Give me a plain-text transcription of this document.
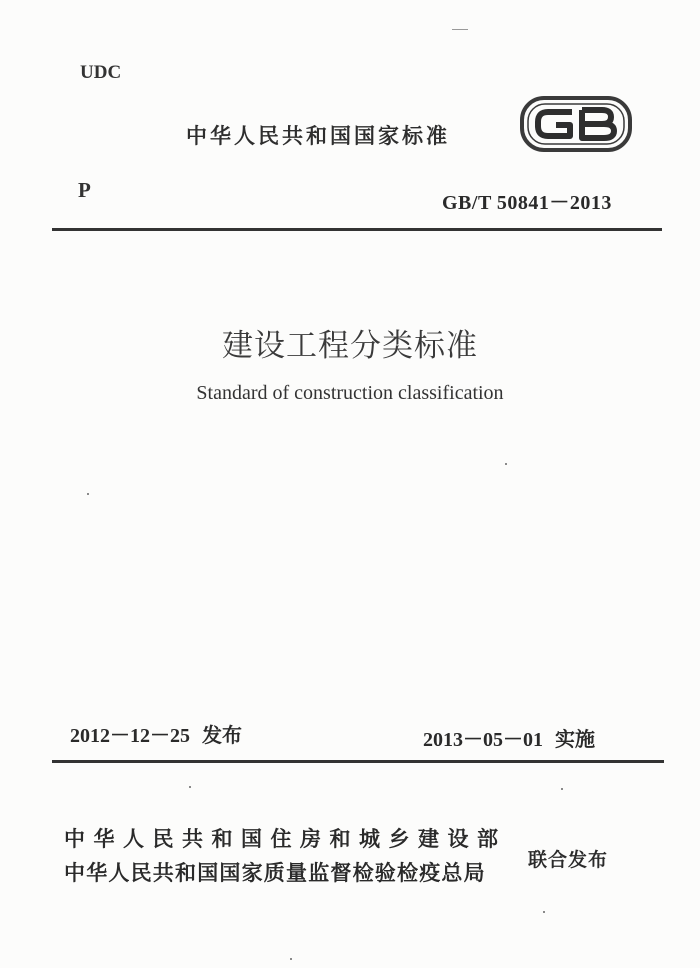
UDC
中华人民共和国国家标准
P
GB/T 50841－2013
建设工程分类标准
Standard of construction classification
2012－12－25 发布	2013－05－01 实施
中华人民共和国住房和城乡建设部
中华人民共和国国家质量监督检验检疫总局
联合发布
